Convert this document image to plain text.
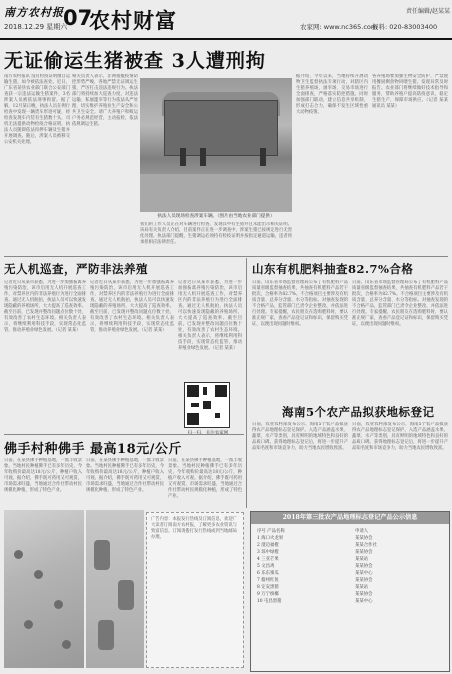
南方农村报
2018.12.29 星期六
07
农村财富	责任编辑/赵某某
农家网: www.nc365.com
报料: 020-83003400
无证偷运生猪被查 3人遭刑拘
南方农村报讯 没有检疫证明擅自运输生猪，如今被依法查处。近日，广东省某县农业部门联合公安部门查获一宗违法运输生猪案件，3名涉案人员被依法刑事拘留。据了解，12月某日晚，执法人员在例行检查中发现一辆货车形迹可疑，经检查发现车内装有生猪数十头，司机无法提供动物检疫合格证明，执法人员随即依法扣押车辆及生猪并开展调查。随后，涉案人员被移交公安机关处理。
相关负责人表示，非洲猪瘟疫情防控形势严峻，各地严禁无证调运生猪，严厉打击违法违规行为。执法部门将持续加大巡查力度，对违法运输、私屠滥宰等行为依法从严处理，切实维护养殖业生产安全和公共卫生安全。请广大养殖户和贩运户务必规范经营，主动报检，依法依规调运生猪。
执法人员现场检查涉案车辆。（图片由当地农业部门提供）
我们的工作人员正在对车辆进行检查，发现其中有生猪并且未能出示相关证明。该局有关负责人介绍，目前案件正在进一步调查中，涉案生猪已按规定进行无害化处理。执法部门提醒，生猪调运必须持有检疫证明并按指定通道运输，违者将承担相应法律责任。
据介绍，今年以来，当地持续开展动物卫生监督执法专项行动，对辖区内生猪养殖场、屠宰场、交易市场进行全面排查，严格落实防控措施。同时加强部门联动，建立信息共享机制，形成打击合力，确保不发生区域性重大动物疫情。
各养殖场要加强生物安全防护，严禁使用餐厨剩余物饲喂生猪，发现异常及时报告。农业部门将继续做好技术指导和服务，帮助养殖户提高防疫意识，稳定生猪生产，保障市场供应。（记者 某某 通讯员 某某）
无人机巡查，严防非法养殖
记者近日从某市获悉，为进一步加强畜禽养殖污染防治，该市启用无人机开展巡查工作，对禁养区内的非法养殖行为进行全面排查。通过无人机航拍，执法人员可以快速发现隐蔽的养殖场所，大大提高了巡查效率。截至目前，已发现并整改问题点位数十处，有效改善了农村生态环境。相关负责人表示，将继续利用科技手段，实现常态化监管，推动养殖业绿色发展。（记者 某某）
记者近日从某市获悉，为进一步加强畜禽养殖污染防治，该市启用无人机开展巡查工作，对禁养区内的非法养殖行为进行全面排查。通过无人机航拍，执法人员可以快速发现隐蔽的养殖场所，大大提高了巡查效率。截至目前，已发现并整改问题点位数十处，有效改善了农村生态环境。相关负责人表示，将继续利用科技手段，实现常态化监管，推动养殖业绿色发展。（记者 某某）
记者近日从某市获悉，为进一步加强畜禽养殖污染防治，该市启用无人机开展巡查工作，对禁养区内的非法养殖行为进行全面排查。通过无人机航拍，执法人员可以快速发现隐蔽的养殖场所，大大提高了巡查效率。截至目前，已发现并整改问题点位数十处，有效改善了农村生态环境。相关负责人表示，将继续利用科技手段，实现常态化监管，推动养殖业绿色发展。（记者 某某）
山东有机肥料抽查82.7%合格
日前，山东省市场监督管理局公布了有机肥料产品质量省级监督抽查结果，共抽查有机肥料产品若干批次，合格率为82.7%。不合格项目主要涉及有机质含量、总养分含量、水分等指标。对抽查发现的不合格产品，监管部门已责令企业整改，并依法进行处理。专家提醒，农民朋友在选购肥料时，要认准正规厂家，查看产品登记证和标识，保留购买凭证，以便出现问题时维权。
日前，山东省市场监督管理局公布了有机肥料产品质量省级监督抽查结果，共抽查有机肥料产品若干批次，合格率为82.7%。不合格项目主要涉及有机质含量、总养分含量、水分等指标。对抽查发现的不合格产品，监管部门已责令企业整改，并依法进行处理。专家提醒，农民朋友在选购肥料时，要认准正规厂家，查看产品登记证和标识，保留购买凭证，以便出现问题时维权。
海南5个农产品拟获地标登记
日前，农业农村部发布公示，海南5个农产品拟获得农产品地理标志登记保护。入选产品涵盖水果、蔬菜、水产等类别，具有鲜明的地域特色和良好的品质口碑。获得地理标志登记后，将进一步提升产品知名度和市场竞争力，助力当地农民增收致富。
日前，农业农村部发布公示，海南5个农产品拟获得农产品地理标志登记保护。入选产品涵盖水果、蔬菜、水产等类别，具有鲜明的地域特色和良好的品质口碑。获得地理标志登记后，将进一步提升产品知名度和市场竞争力，助力当地农民增收致富。
佛手村种佛手 最高18元/公斤
日前，在某县佛手种植基地，一派丰收景象。当地村民种植佛手已有多年历史，今年收购价最高达18元/公斤，种植户收入可观。据介绍，佛手既可药用又可观赏，市场需求旺盛，当地通过合作社带动村民规模化种植，形成了特色产业。
日前，在某县佛手种植基地，一派丰收景象。当地村民种植佛手已有多年历史，今年收购价最高达18元/公斤，种植户收入可观。据介绍，佛手既可药用又可观赏，市场需求旺盛，当地通过合作社带动村民规模化种植，形成了特色产业。
日前，在某县佛手种植基地，一派丰收景象。当地村民种植佛手已有多年历史，今年收购价最高达18元/公斤，种植户收入可观。据介绍，佛手既可药用又可观赏，市场需求旺盛，当地通过合作社带动村民规模化种植，形成了特色产业。
广告内容：本报发行热线及订阅信息，欢迎广大读者订阅南方农村报，了解更多农业资讯与致富信息。订阅请拨打发行热线或到当地邮局办理。
2018年第三批农产品地理标志登记产品公示信息
序号 产品名称
1 海口火龙果
2 澄迈福橙
3 琼中绿橙
4 三亚芒果
5 文昌鸡
6 乐东蜜瓜
7 儋州红鱼
8 定安黑猪
9 万宁槟榔
10 屯昌黑猪
申请人
某某协会
某某合作社
某某协会
某某站
某某协会
某某中心
某某协会
某某站
某某协会
某某中心
